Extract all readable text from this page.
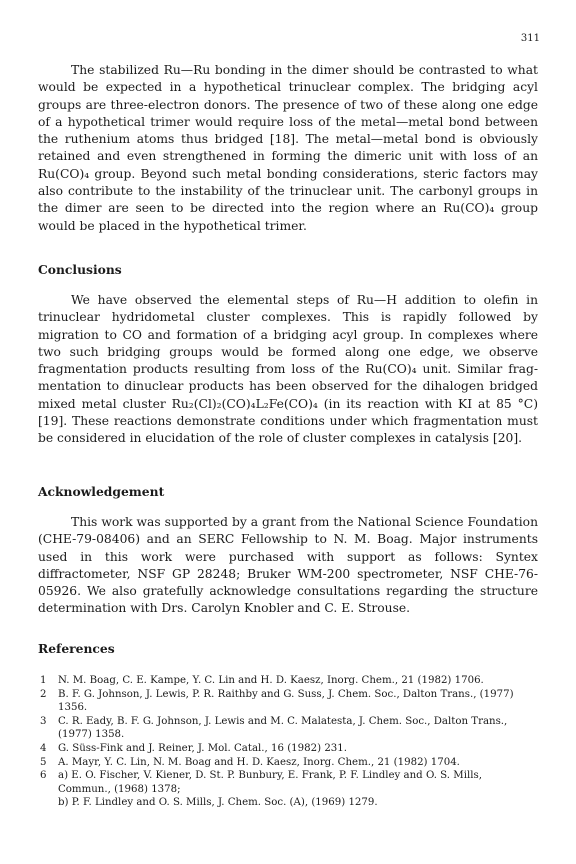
311

The stabilized Ru—Ru bonding in the dimer should be contrasted to what would be expected in a hypothetical trinuclear complex. The bridging acyl groups are three-electron donors. The presence of two of these along one edge of a hypothetical trimer would require loss of the metal—metal bond between the ruthenium atoms thus bridged [18]. The metal—metal bond is obviously retained and even strengthened in forming the dimeric unit with loss of an Ru(CO)₄ group. Beyond such metal bonding considerations, steric factors may also contribute to the instability of the trinuclear unit. The carbonyl groups in the dimer are seen to be directed into the region where an Ru(CO)₄ group would be placed in the hypothetical trimer.

Conclusions

We have observed the elemental steps of Ru—H addition to olefin in trinuclear hydridometal cluster complexes. This is rapidly followed by migration to CO and formation of a bridging acyl group. In complexes where two such bridging groups would be formed along one edge, we observe fragmentation products resulting from loss of the Ru(CO)₄ unit. Similar fragmentation to dinuclear products has been observed for the dihalogen bridged mixed metal cluster Ru₂(Cl)₂(CO)₄L₂Fe(CO)₄ (in its reaction with KI at 85 °C) [19]. These reactions demonstrate conditions under which fragmentation must be considered in elucidation of the role of cluster complexes in catalysis [20].

Acknowledgement

This work was supported by a grant from the National Science Foundation (CHE-79-08406) and an SERC Fellowship to N. M. Boag. Major instruments used in this work were purchased with support as follows: Syntex diffractometer, NSF GP 28248; Bruker WM-200 spectrometer, NSF CHE-76-05926. We also gratefully acknowledge consultations regarding the structure determination with Drs. Carolyn Knobler and C. E. Strouse.

References
1	N. M. Boag, C. E. Kampe, Y. C. Lin and H. D. Kaesz, Inorg. Chem., 21 (1982) 1706.
2	B. F. G. Johnson, J. Lewis, P. R. Raithby and G. Suss, J. Chem. Soc., Dalton Trans., (1977) 1356.
3	C. R. Eady, B. F. G. Johnson, J. Lewis and M. C. Malatesta, J. Chem. Soc., Dalton Trans., (1977) 1358.
4	G. Süss-Fink and J. Reiner, J. Mol. Catal., 16 (1982) 231.
5	A. Mayr, Y. C. Lin, N. M. Boag and H. D. Kaesz, Inorg. Chem., 21 (1982) 1704.
6	a) E. O. Fischer, V. Kiener, D. St. P. Bunbury, E. Frank, P. F. Lindley and O. S. Mills, Commun., (1968) 1378;
b) P. F. Lindley and O. S. Mills, J. Chem. Soc. (A), (1969) 1279.
